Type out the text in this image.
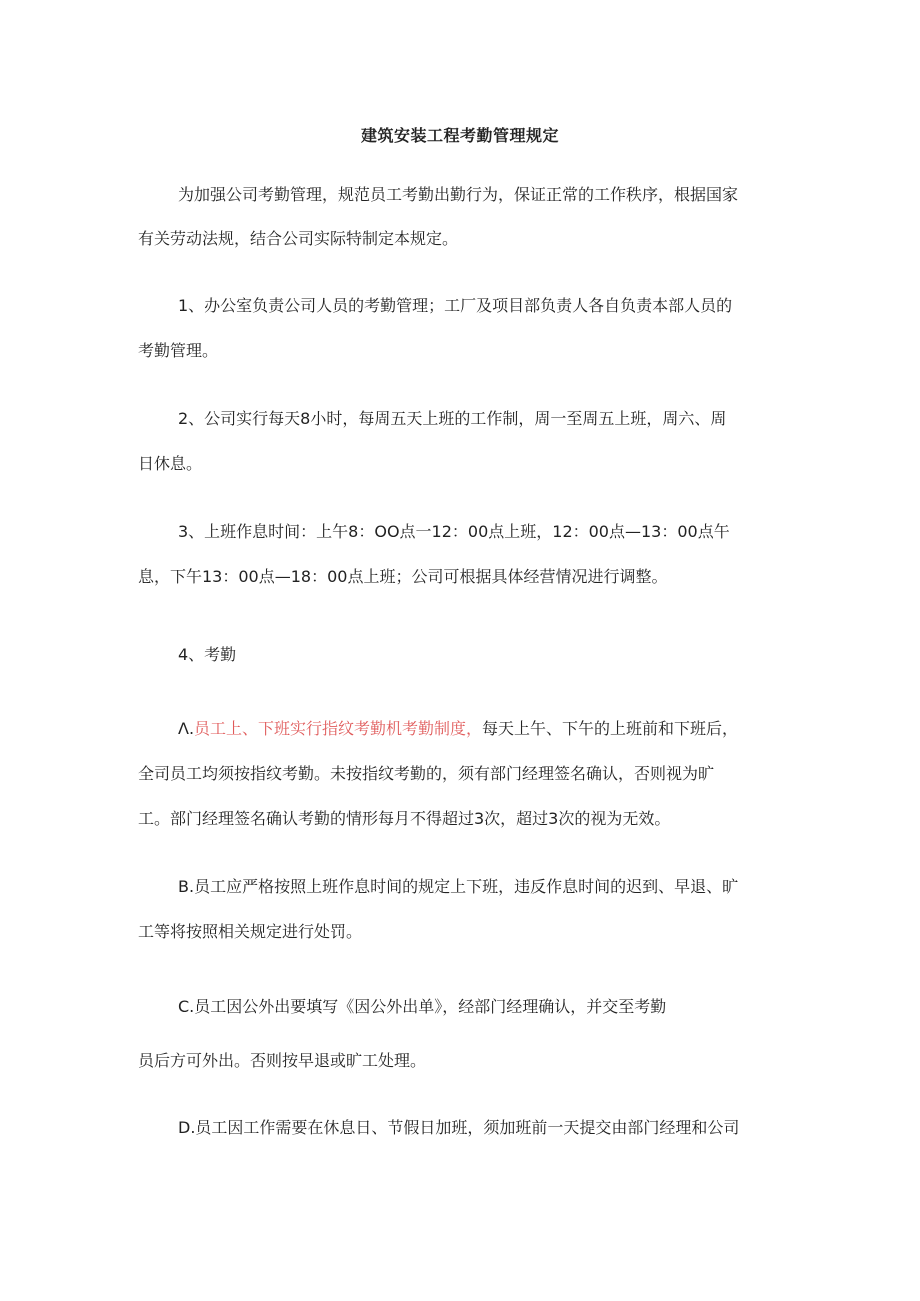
建筑安装工程考勤管理规定
为加强公司考勤管理，规范员工考勤出勤行为，保证正常的工作秩序，根据国家
有关劳动法规，结合公司实际特制定本规定。
1、办公室负责公司人员的考勤管理；工厂及项目部负责人各自负责本部人员的
考勤管理。
2、公司实行每天8小时，每周五天上班的工作制，周一至周五上班，周六、周
日休息。
3、上班作息时间：上午8：OO点一12：00点上班，12：00点—13：00点午
息，下午13：00点—18：00点上班；公司可根据具体经营情况进行调整。
4、考勤
Λ.员工上、下班实行指纹考勤机考勤制度，每天上午、下午的上班前和下班后，
全司员工均须按指纹考勤。未按指纹考勤的，须有部门经理签名确认，否则视为旷
工。部门经理签名确认考勤的情形每月不得超过3次，超过3次的视为无效。
B.员工应严格按照上班作息时间的规定上下班，违反作息时间的迟到、早退、旷
工等将按照相关规定进行处罚。
C.员工因公外出要填写《因公外出单》，经部门经理确认，并交至考勤
员后方可外出。否则按早退或旷工处理。
D.员工因工作需要在休息日、节假日加班，须加班前一天提交由部门经理和公司
